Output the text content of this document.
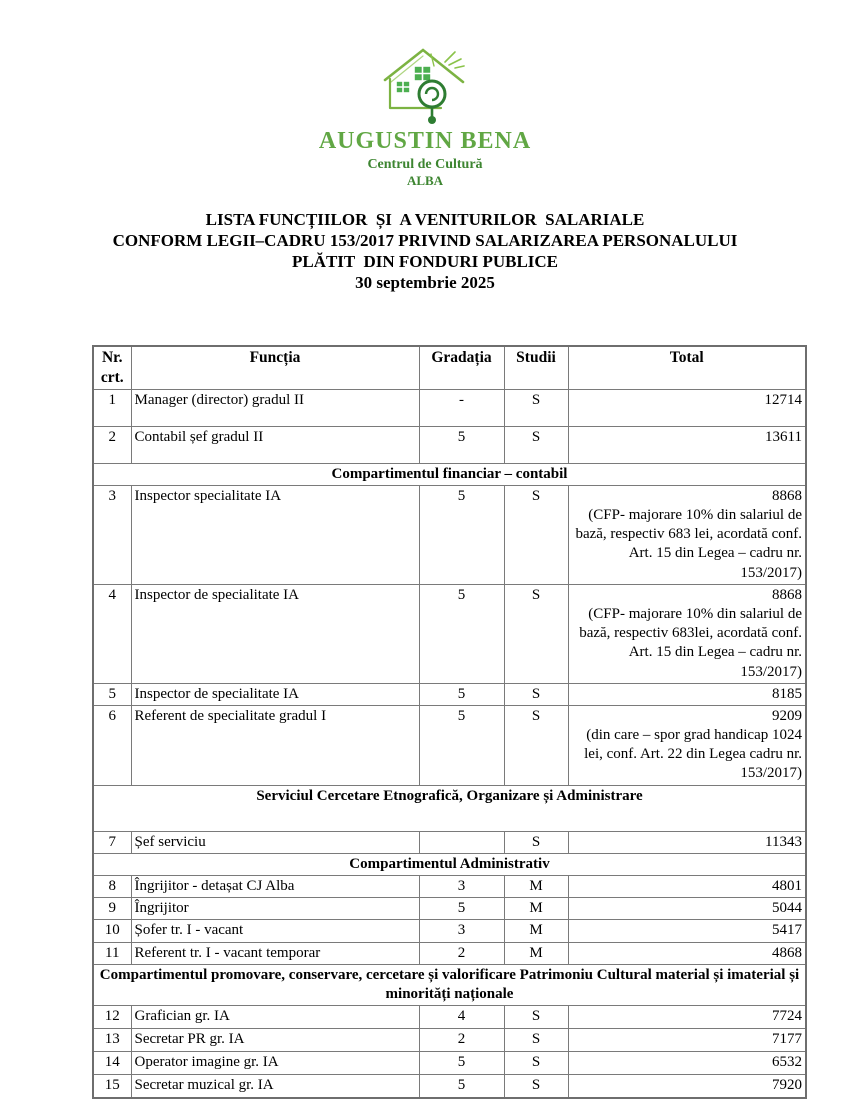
AUGUSTIN BENA
Centrul de Cultură
ALBA
LISTA FUNCȚIILOR  ȘI  A VENITURILOR  SALARIALE
CONFORM LEGII–CADRU 153/2017 PRIVIND SALARIZAREA PERSONALULUI
PLĂTIT  DIN FONDURI PUBLICE
30 septembrie 2025
Nr. crt.	Funcția	Gradația	Studii	Total
1	Manager (director) gradul II	-	S	12714

2	Contabil șef gradul II	5	S	13611

Compartimentul financiar – contabil				
3	Inspector specialitate IA	5	S	8868
(CFP- majorare 10% din salariul de bază, respectiv 683 lei, acordată conf. Art. 15 din Legea – cadru nr. 153/2017)

4	Inspector de specialitate IA	5	S	8868
(CFP- majorare 10% din salariul de bază, respectiv 683lei, acordată conf. Art. 15 din Legea – cadru nr. 153/2017)

5	Inspector de specialitate IA	5	S	8185

6	Referent de specialitate gradul I	5	S	9209
(din care – spor grad handicap 1024 lei, conf. Art. 22 din Legea cadru nr. 153/2017)

Serviciul Cercetare Etnografică, Organizare și Administrare				
7	Șef serviciu		S	11343

Compartimentul Administrativ				
8	Îngrijitor - detașat CJ Alba	3	M	4801

9	Îngrijitor	5	M	5044

10	Șofer tr. I - vacant	3	M	5417

11	Referent tr. I - vacant temporar	2	M	4868

Compartimentul promovare, conservare, cercetare și valorificare Patrimoniu Cultural material și imaterial și minorități naționale				
12	Grafician gr. IA	4	S	7724

13	Secretar PR gr. IA	2	S	7177

14	Operator imagine gr. IA	5	S	6532

15	Secretar muzical gr. IA	5	S	7920
